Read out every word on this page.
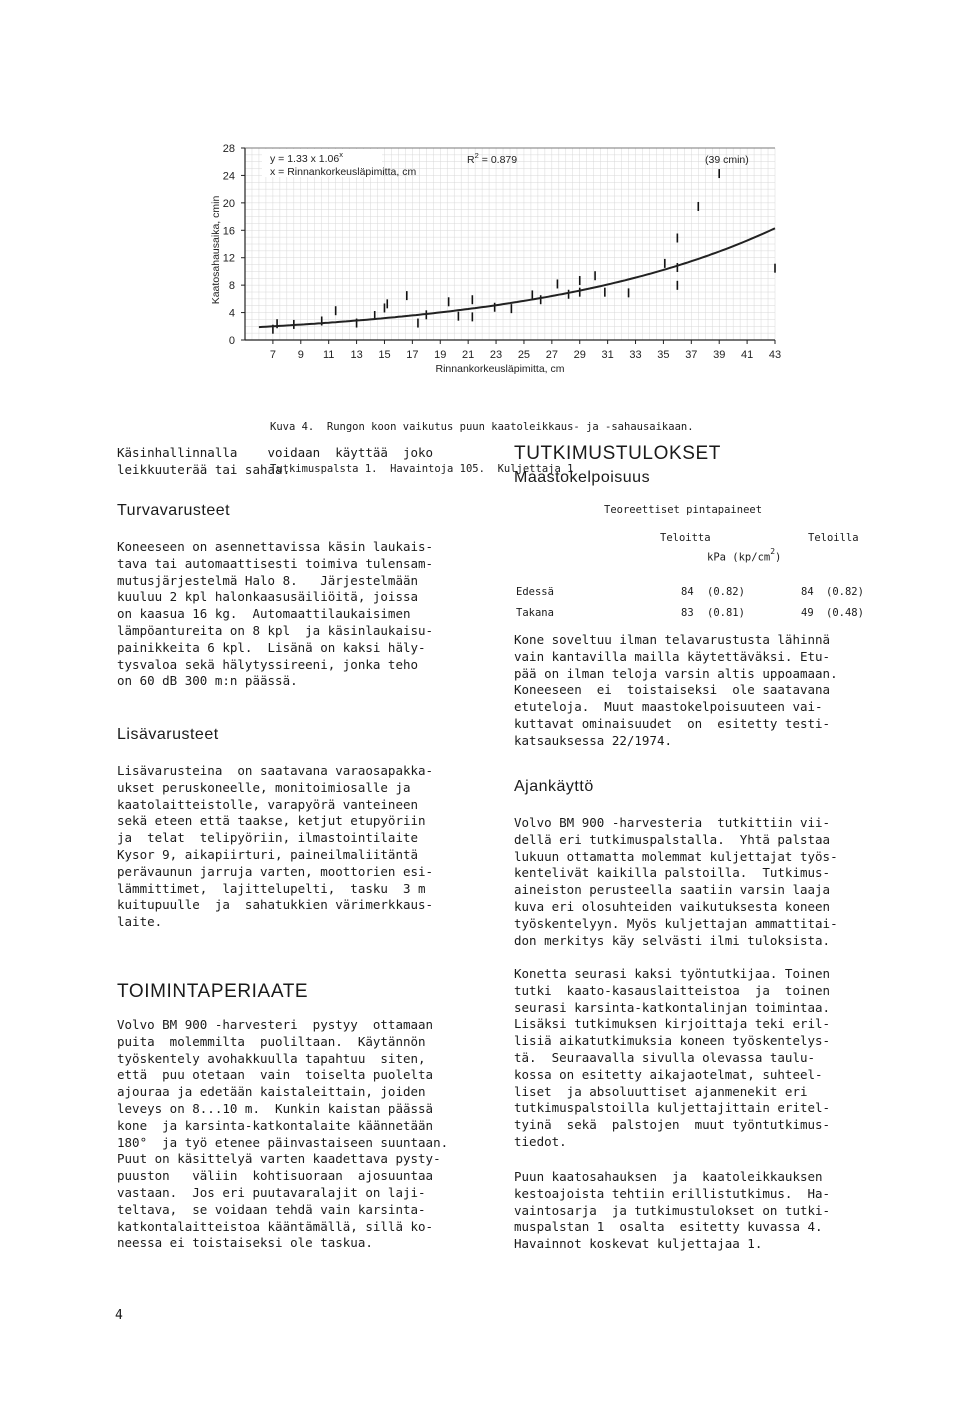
0
4
8
12
16
20
24
28
7 9 11 13 15 17 19 21 23 25 27 29 31 33 35 37 39 41 43
Kaatosahausaika, cmin
Rinnankorkeusläpimitta, cm
y = 1.33 x 1.06$^x$
x = Rinnankorkeusläpimitta, cm
$R^2 = 0.879$	(39 cmin)

Kuva 4.  Rungon koon vaikutus puun kaatoleikkaus- ja -sahausaikaan.

Tutkimuspalsta 1.  Havaintoja 105.  Kuljettaja 1

Käsinhallinnalla    voidaan  käyttää  joko
leikkuuterää tai sahaa.
Turvavarusteet
Koneeseen on asennettavissa käsin laukais-
tava tai automaattisesti toimiva tulensam-
mutusjärjestelmä Halo 8.   Järjestelmään
kuuluu 2 kpl halonkaasusäiliöitä, joissa
on kaasua 16 kg.  Automaattilaukaisimen
lämpöantureita on 8 kpl  ja käsinlaukaisu-
painikkeita 6 kpl.  Lisänä on kaksi häly-
tysvaloa sekä hälytyssireeni, jonka teho
on 60 dB 300 m:n päässä.
Lisävarusteet
Lisävarusteina  on saatavana varaosapakka-
ukset peruskoneelle, monitoimiosalle ja
kaatolaitteistolle, varapyörä vanteineen
sekä eteen että taakse, ketjut etupyöriin
ja  telat  telipyöriin, ilmastointilaite
Kysor 9, aikapiirturi, paineilmaliitäntä
perävaunun jarruja varten, moottorien esi-
lämmittimet,  lajittelupelti,  tasku  3 m
kuitupuulle  ja  sahatukkien värimerkkaus-
laite.
TOIMINTAPERIAATE
Volvo BM 900 -harvesteri  pystyy  ottamaan
puita  molemmilta  puoliltaan.  Käytännön
työskentely avohakkuulla tapahtuu  siten,
että  puu otetaan  vain  toiselta puolelta
ajouraa ja edetään kaistaleittain, joiden
leveys on 8...10 m.  Kunkin kaistan päässä
kone  ja karsinta-katkontalaite käännetään
180°  ja työ etenee päinvastaiseen suuntaan.
Puut on käsittelyä varten kaadettava pysty-
puuston   väliin  kohtisuoraan  ajosuuntaa
vastaan.  Jos eri puutavaralajit on laji-
teltava,  se voidaan tehdä vain karsinta-
katkontalaitteistoa kääntämällä, sillä ko-
neessa ei toistaiseksi ole taskua.
TUTKIMUSTULOKSET
Maastokelpoisuus
Teoreettiset pintapaineet
Teloitta	Teloilla
kPa $(kp/cm^2)$
Edessä	84 (0.82)	84 (0.82)
Takana	83 (0.81)	49 (0.48)
Kone soveltuu ilman telavarustusta lähinnä
vain kantavilla mailla käytettäväksi. Etu-
pää on ilman teloja varsin altis uppoamaan.
Koneeseen  ei  toistaiseksi  ole saatavana
etuteloja.  Muut maastokelpoisuuteen vai-
kuttavat ominaisuudet  on  esitetty testi-
katsauksessa 22/1974.
Ajankäyttö
Volvo BM 900 -harvesteria  tutkittiin vii-
dellä eri tutkimuspalstalla.  Yhtä palstaa
lukuun ottamatta molemmat kuljettajat työs-
kentelivät kaikilla palstoilla.  Tutkimus-
aineiston perusteella saatiin varsin laaja
kuva eri olosuhteiden vaikutuksesta koneen
työskentelyyn. Myös kuljettajan ammattitai-
don merkitys käy selvästi ilmi tuloksista.
Konetta seurasi kaksi työntutkijaa. Toinen
tutki  kaato-kasauslaitteistoa  ja  toinen
seurasi karsinta-katkontalinjan toimintaa.
Lisäksi tutkimuksen kirjoittaja teki eril-
lisiä aikatutkimuksia koneen työskentelys-
tä.  Seuraavalla sivulla olevassa taulu-
kossa on esitetty aikajaotelmat, suhteel-
liset  ja absoluuttiset ajanmenekit eri
tutkimuspalstoilla kuljettajittain eritel-
tyinä  sekä  palstojen  muut työntutkimus-
tiedot.
Puun kaatosahauksen  ja  kaatoleikkauksen
kestoajoista tehtiin erillistutkimus.  Ha-
vaintosarja  ja tutkimustulokset on tutki-
muspalstan 1  osalta  esitetty kuvassa 4.
Havainnot koskevat kuljettajaa 1.
4
